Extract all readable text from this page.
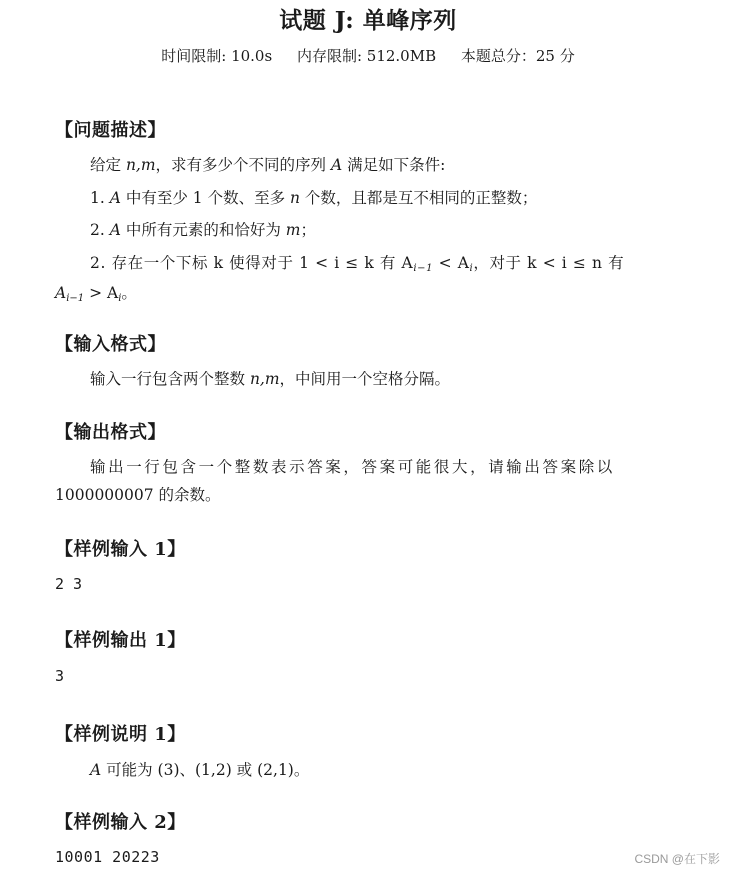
试题 J: 单峰序列
时间限制: 10.0s 内存限制: 512.0MB 本题总分：25 分
【问题描述】
给定 n,m，求有多少个不同的序列 A 满足如下条件:
1. A 中有至少 1 个数、至多 n 个数，且都是互不相同的正整数；
2. A 中所有元素的和恰好为 m；
2. 存在一个下标 k 使得对于 1 < i ≤ k 有 $A_{i-1} < A_i$，对于 k < i ≤ n 有
$A_{i-1} > A_i$。
【输入格式】
输入一行包含两个整数 n,m，中间用一个空格分隔。
【输出格式】
输出一行包含一个整数表示答案，答案可能很大，请输出答案除以
1000000007 的余数。
【样例输入 1】
2 3
【样例输出 1】
3
【样例说明 1】
A 可能为 (3)、(1,2) 或 (2,1)。
【样例输入 2】
10001 20223	CSDN @在下影
